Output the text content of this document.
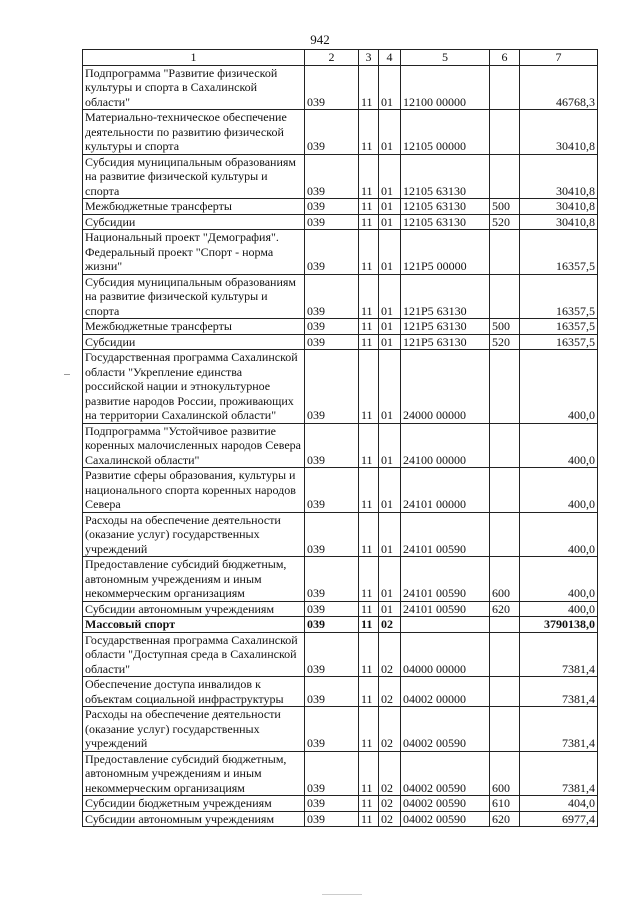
942
1	2	3	4	5	6	7
Подпрограмма "Развитие физической культуры и спорта в Сахалинской области"	039	11	01	12100 00000		46768,3
Материально-техническое обеспечение деятельности по развитию физической культуры и спорта	039	11	01	12105 00000		30410,8
Субсидия муниципальным образованиям на развитие физической культуры и спорта	039	11	01	12105 63130		30410,8
Межбюджетные трансферты	039	11	01	12105 63130	500	30410,8
Субсидии	039	11	01	12105 63130	520	30410,8
Национальный проект "Демография". Федеральный проект "Спорт - норма жизни"	039	11	01	121P5 00000		16357,5
Субсидия муниципальным образованиям на развитие физической культуры и спорта	039	11	01	121P5 63130		16357,5
Межбюджетные трансферты	039	11	01	121P5 63130	500	16357,5
Субсидии	039	11	01	121P5 63130	520	16357,5
Государственная программа Сахалинской области "Укрепление единства российской нации и этнокультурное развитие народов России, проживающих на территории Сахалинской области"	039	11	01	24000 00000		400,0
Подпрограмма "Устойчивое развитие коренных малочисленных народов Севера Сахалинской области"	039	11	01	24100 00000		400,0
Развитие сферы образования, культуры и национального спорта коренных народов Севера	039	11	01	24101 00000		400,0
Расходы на обеспечение деятельности (оказание услуг) государственных учреждений	039	11	01	24101 00590		400,0
Предоставление субсидий бюджетным, автономным учреждениям и иным некоммерческим организациям	039	11	01	24101 00590	600	400,0
Субсидии автономным учреждениям	039	11	01	24101 00590	620	400,0
Массовый спорт	039	11	02			3790138,0
Государственная программа Сахалинской области "Доступная среда в Сахалинской области"	039	11	02	04000 00000		7381,4
Обеспечение доступа инвалидов к объектам социальной инфраструктуры	039	11	02	04002 00000		7381,4
Расходы на обеспечение деятельности (оказание услуг) государственных учреждений	039	11	02	04002 00590		7381,4
Предоставление субсидий бюджетным, автономным учреждениям и иным некоммерческим организациям	039	11	02	04002 00590	600	7381,4
Субсидии бюджетным учреждениям	039	11	02	04002 00590	610	404,0
Субсидии автономным учреждениям	039	11	02	04002 00590	620	6977,4
